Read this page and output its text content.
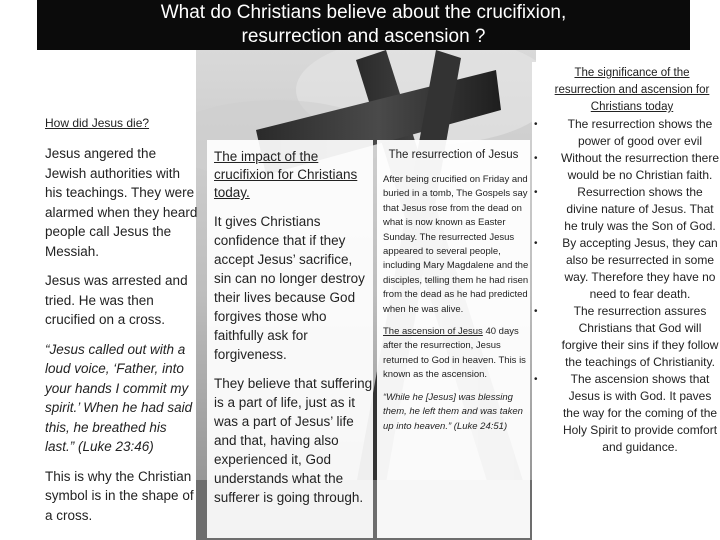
What do Christians believe about the crucifixion,
resurrection and ascension ?
How did Jesus die?
Jesus angered the Jewish authorities with his teachings. They were alarmed when they heard people call Jesus the Messiah.
Jesus was arrested and tried. He was then crucified on a cross.
“Jesus called out with a loud voice, ‘Father, into your hands I commit my spirit.’ When he had said this, he breathed his last.” (Luke 23:46)
This is why the Christian symbol is in the shape of a cross.
The impact of the crucifixion for Christians today.
It gives Christians confidence that if they accept Jesus’ sacrifice, sin can no longer destroy their lives because God forgives those who faithfully ask for forgiveness.
They believe that suffering is a part of life, just as it was a part of Jesus’ life and that, having also experienced it, God understands what the sufferer is going through.
The resurrection of Jesus
After being crucified on Friday and buried in a tomb, The Gospels say that Jesus rose from the dead on what is now known as Easter Sunday. The resurrected Jesus appeared to several people, including Mary Magdalene and the disciples, telling them he had risen from the dead as he had predicted when he was alive.
The ascension of Jesus 40 days after the resurrection, Jesus returned to God in heaven. This is known as the ascension.
“While he [Jesus] was blessing them, he left them and was taken up into heaven.” (Luke 24:51)
The significance of the resurrection and ascension for Christians today
•	The resurrection shows the power of good over evil
• Without the resurrection there would be no Christian faith.
•	Resurrection shows the divine nature of Jesus. That he truly was the Son of God.
• By accepting Jesus, they can also be resurrected in some way. Therefore they have no need to fear death.
•	The resurrection assures Christians that God will forgive their sins if they follow the teachings of Christianity.
•	The ascension shows that Jesus is with God. It paves the way for the coming of the Holy Spirit to provide comfort and guidance.
